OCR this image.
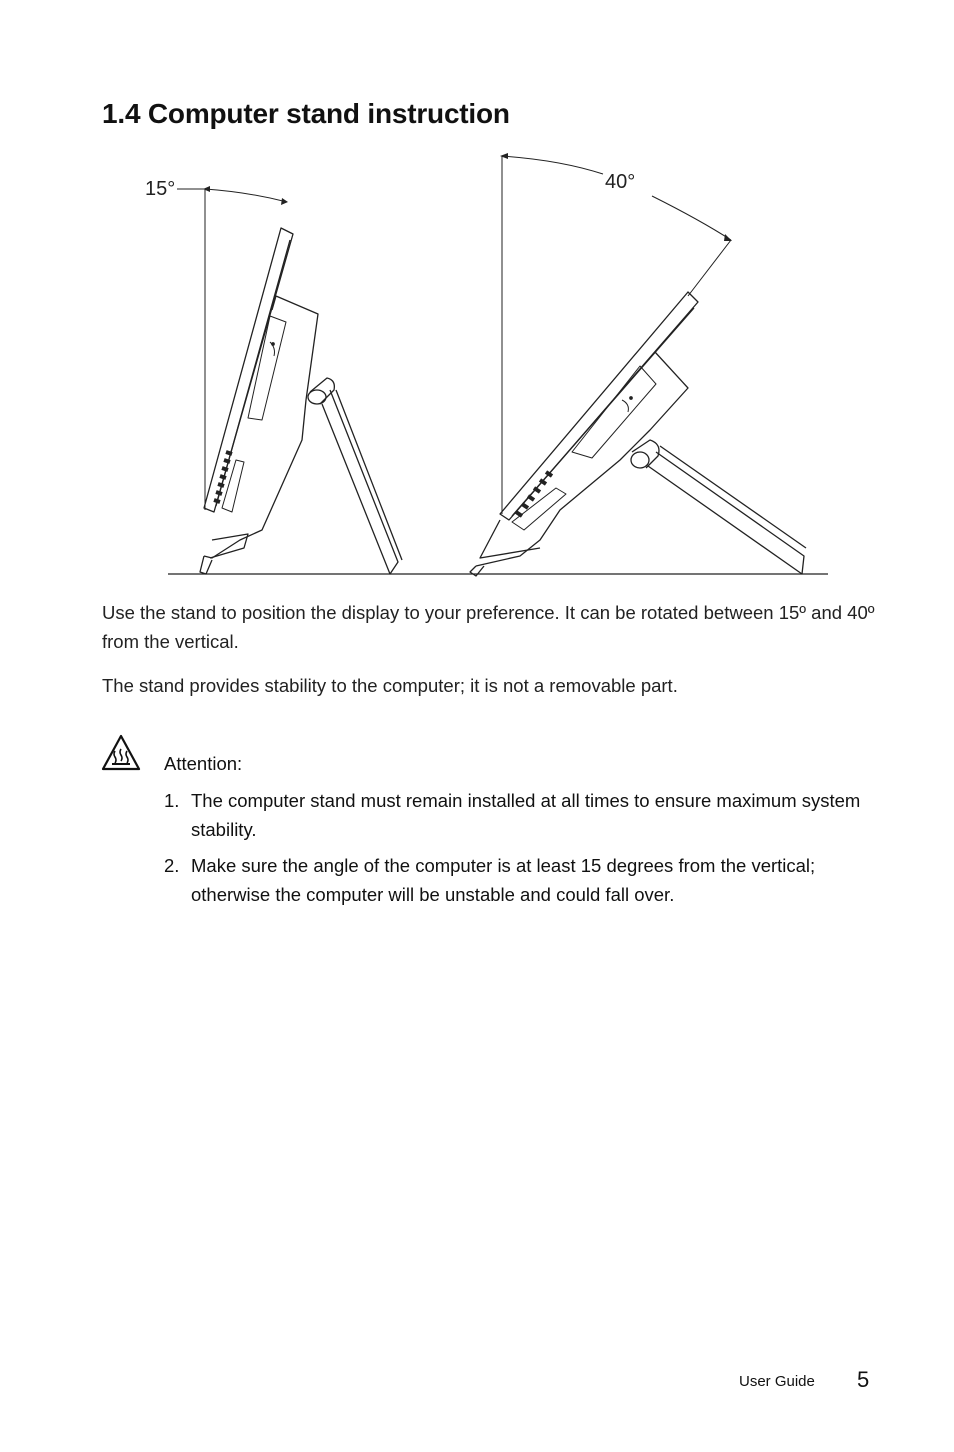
1.4 Computer stand instruction
15°	40°

Use the stand to position the display to your preference. It can be rotated between 15º and 40º from the vertical.

The stand provides stability to the computer; it is not a removable part.

Attention:

1. The computer stand must remain installed at all times to ensure maximum system stability.
2. Make sure the angle of the computer is at least 15 degrees from the vertical; otherwise the computer will be unstable and could fall over.
User Guide 5
